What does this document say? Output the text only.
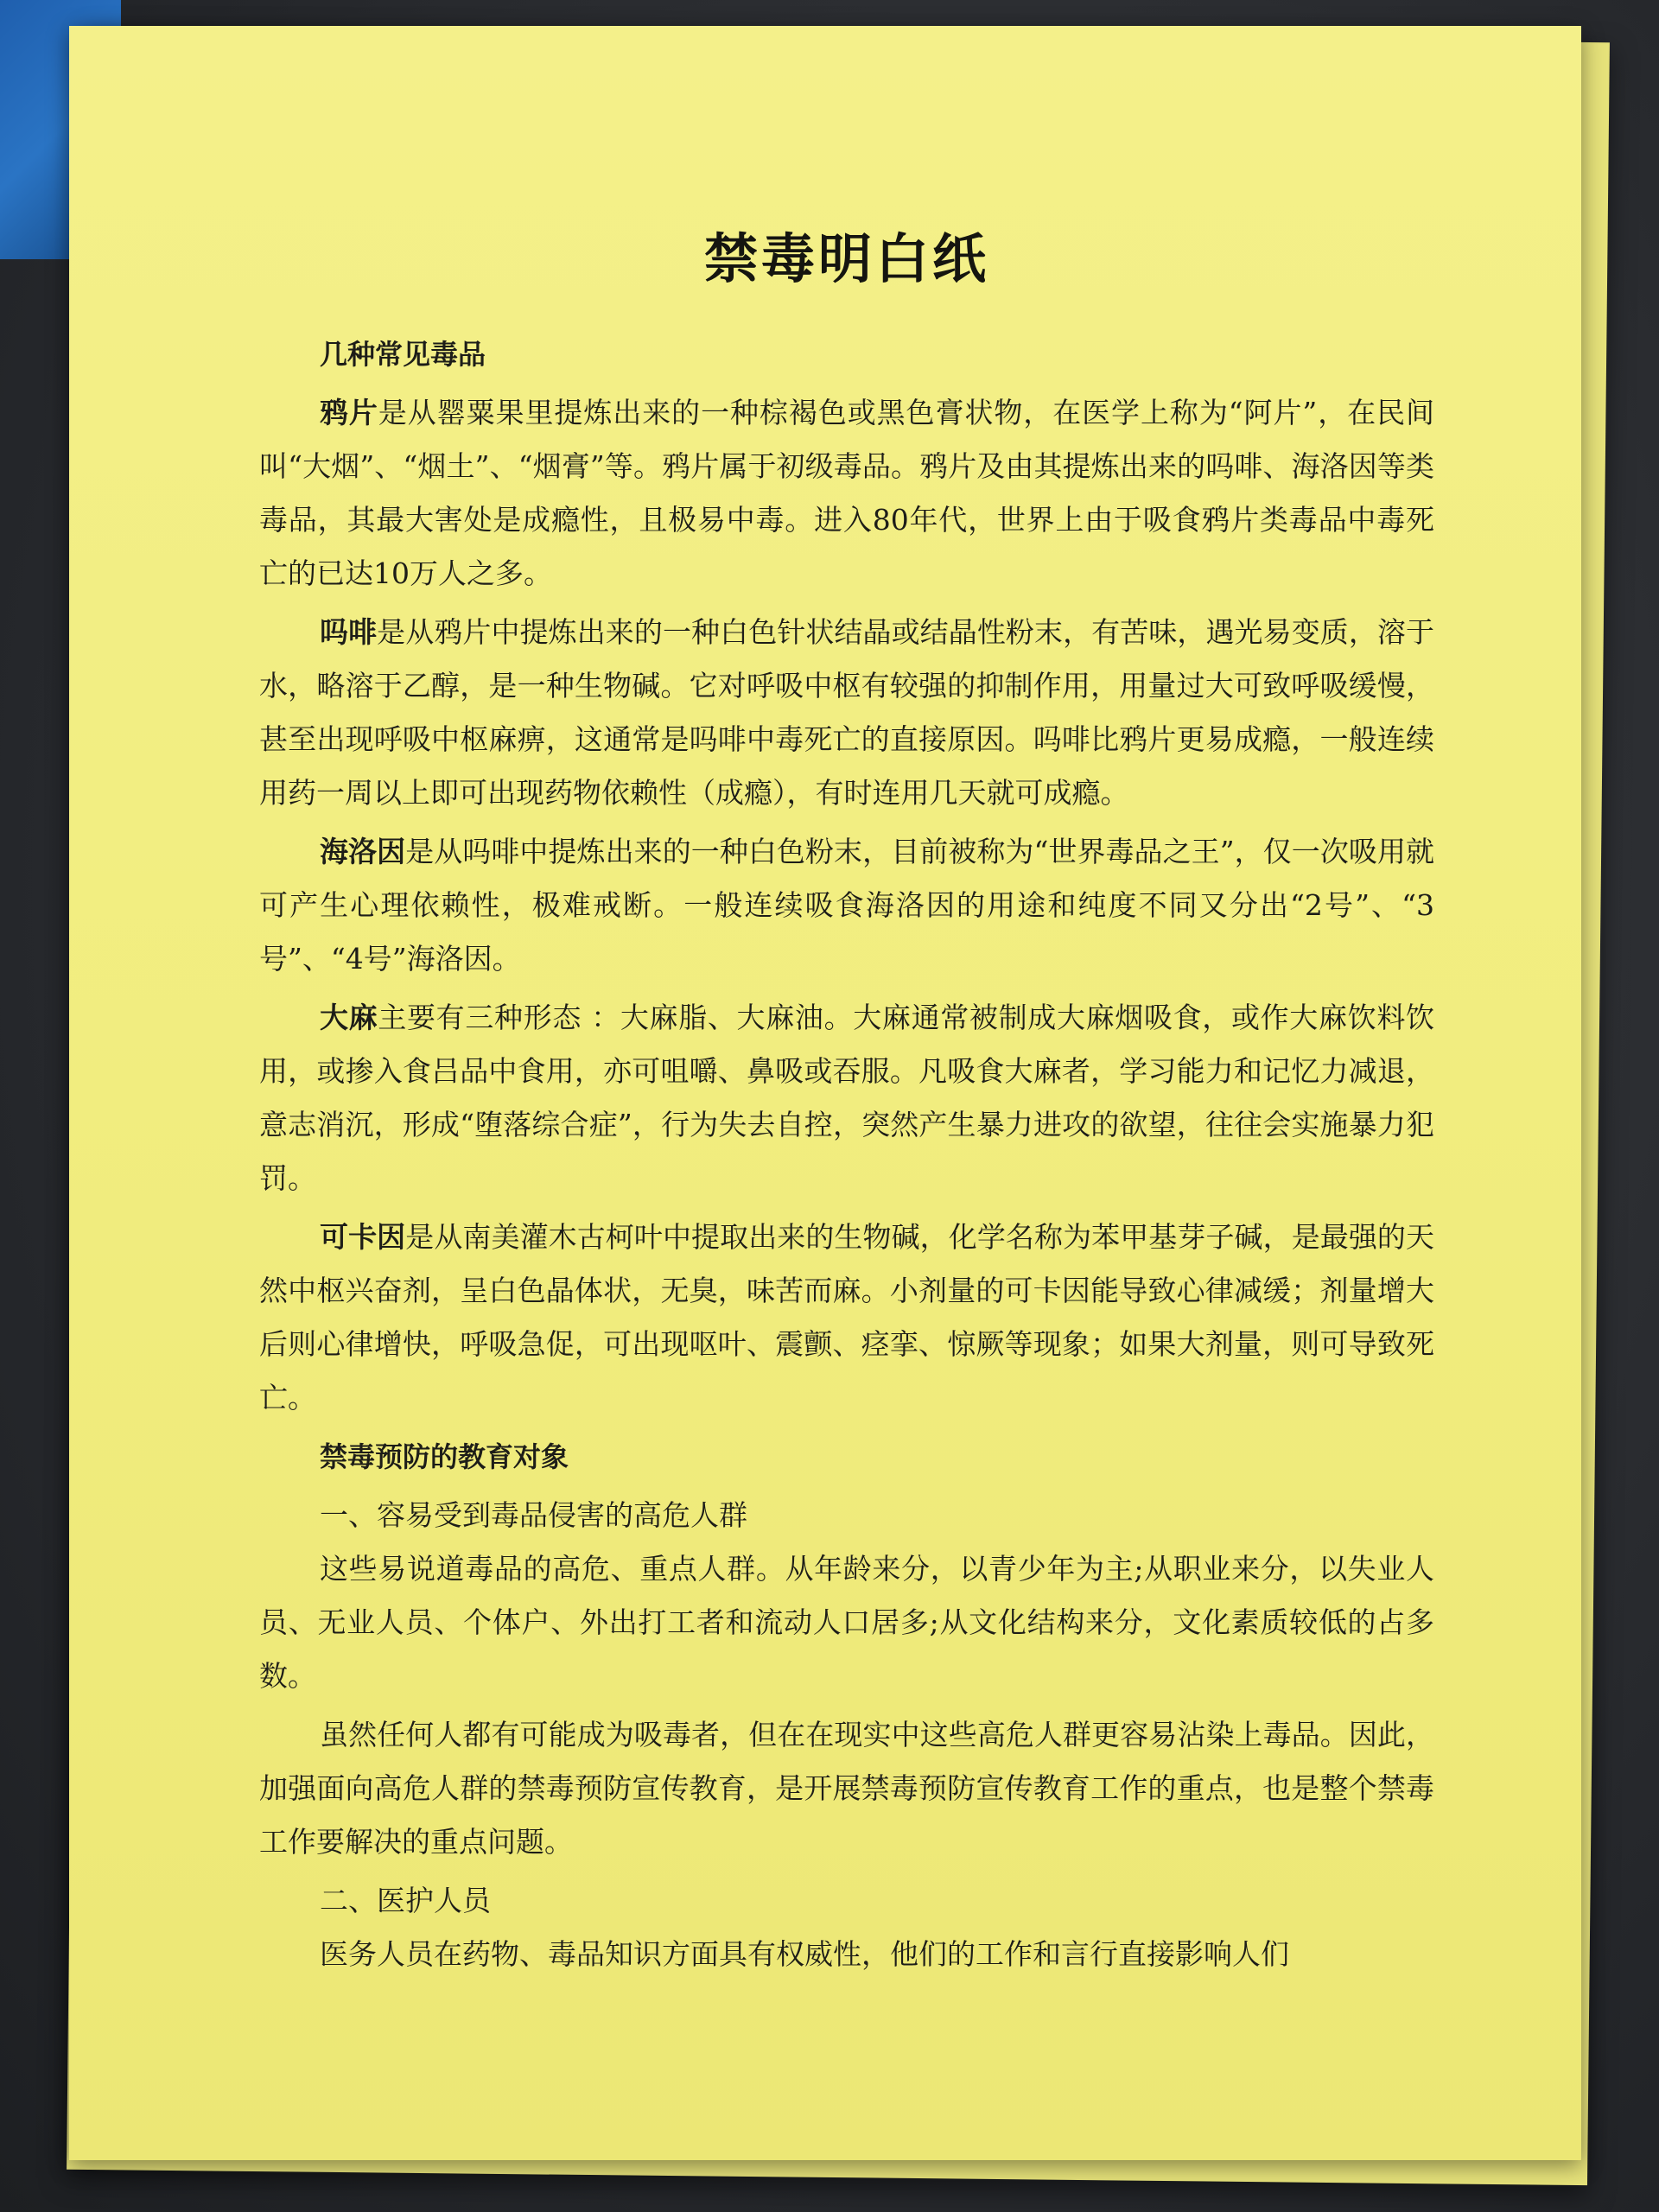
禁毒明白纸

几种常见毒品

鸦片是从罂粟果里提炼出来的一种棕褐色或黑色膏状物，在医学上称为“阿片”，在民间叫“大烟”、“烟土”、“烟膏”等。鸦片属于初级毒品。鸦片及由其提炼出来的吗啡、海洛因等类毒品，其最大害处是成瘾性，且极易中毒。进入80年代，世界上由于吸食鸦片类毒品中毒死亡的已达10万人之多。

吗啡是从鸦片中提炼出来的一种白色针状结晶或结晶性粉末，有苦味，遇光易变质，溶于水，略溶于乙醇，是一种生物碱。它对呼吸中枢有较强的抑制作用，用量过大可致呼吸缓慢，甚至出现呼吸中枢麻痹，这通常是吗啡中毒死亡的直接原因。吗啡比鸦片更易成瘾，一般连续用药一周以上即可出现药物依赖性（成瘾），有时连用几天就可成瘾。

海洛因是从吗啡中提炼出来的一种白色粉末，目前被称为“世界毒品之王”，仅一次吸用就可产生心理依赖性，极难戒断。一般连续吸食海洛因的用途和纯度不同又分出“2号”、“3号”、“4号”海洛因。

大麻主要有三种形态 ：大麻脂、大麻油。大麻通常被制成大麻烟吸食，或作大麻饮料饮用，或掺入食吕品中食用，亦可咀嚼、鼻吸或吞服。凡吸食大麻者，学习能力和记忆力减退，意志消沉，形成“堕落综合症”，行为失去自控，突然产生暴力进攻的欲望，往往会实施暴力犯罚。

可卡因是从南美灌木古柯叶中提取出来的生物碱，化学名称为苯甲基芽子碱，是最强的天然中枢兴奋剂，呈白色晶体状，无臭，味苦而麻。小剂量的可卡因能导致心律减缓；剂量增大后则心律增快，呼吸急促，可出现呕叶、震颤、痉挛、惊厥等现象；如果大剂量，则可导致死亡。

禁毒预防的教育对象

一、容易受到毒品侵害的高危人群

这些易说道毒品的高危、重点人群。从年龄来分，以青少年为主;从职业来分，以失业人员、无业人员、个体户、外出打工者和流动人口居多;从文化结构来分，文化素质较低的占多数。

虽然任何人都有可能成为吸毒者，但在在现实中这些高危人群更容易沾染上毒品。因此，加强面向高危人群的禁毒预防宣传教育，是开展禁毒预防宣传教育工作的重点，也是整个禁毒工作要解决的重点问题。

二、医护人员

医务人员在药物、毒品知识方面具有权威性，他们的工作和言行直接影响人们
